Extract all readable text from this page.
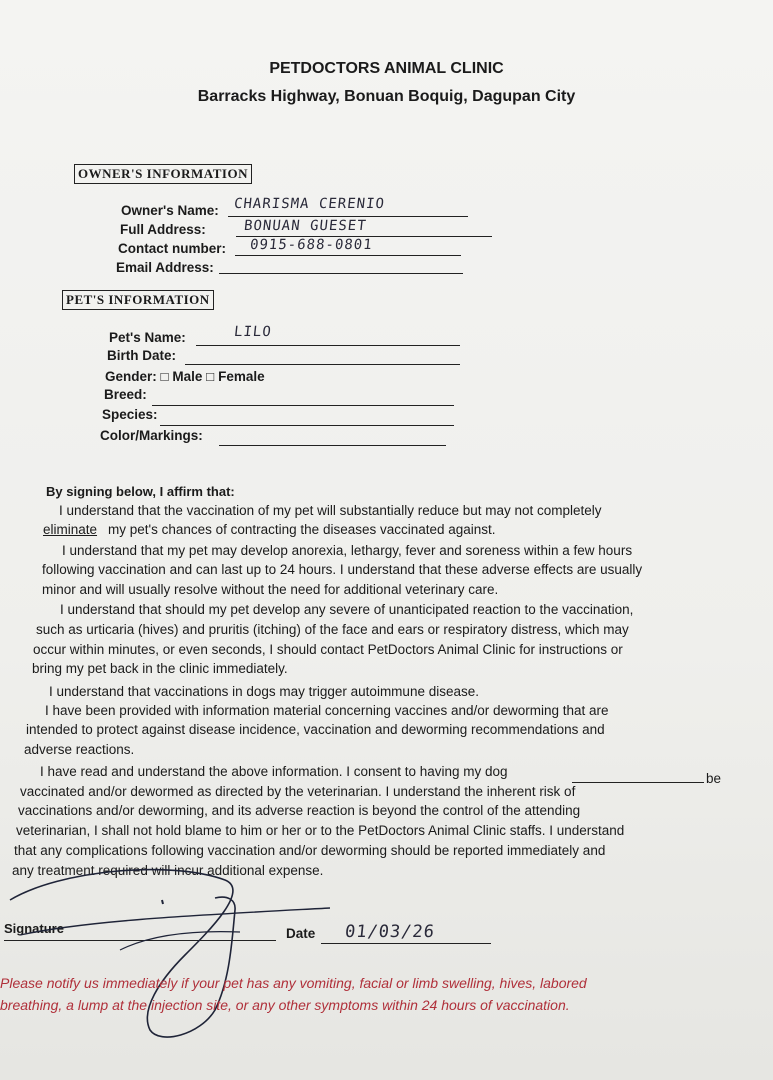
PETDOCTORS ANIMAL CLINIC
Barracks Highway, Bonuan Boquig, Dagupan City
OWNER'S INFORMATION
Owner's Name: CHARISMA CERENIO
Full Address:	BONUAN GUESET
Contact number: 0915-688-0801
Email Address:
PET'S INFORMATION
Pet's Name:	LILO
Birth Date:
Gender: □ Male □ Female
Breed:
Species:
Color/Markings:
By signing below, I affirm that:
I understand that the vaccination of my pet will substantially reduce but may not completely
eliminate my pet's chances of contracting the diseases vaccinated against.
I understand that my pet may develop anorexia, lethargy, fever and soreness within a few hours
following vaccination and can last up to 24 hours. I understand that these adverse effects are usually
minor and will usually resolve without the need for additional veterinary care.
I understand that should my pet develop any severe of unanticipated reaction to the vaccination,
such as urticaria (hives) and pruritis (itching) of the face and ears or respiratory distress, which may
occur within minutes, or even seconds, I should contact PetDoctors Animal Clinic for instructions or
bring my pet back in the clinic immediately.
I understand that vaccinations in dogs may trigger autoimmune disease.
I have been provided with information material concerning vaccines and/or deworming that are
intended to protect against disease incidence, vaccination and deworming recommendations and
adverse reactions.
I have read and understand the above information. I consent to having my dog	be
vaccinated and/or dewormed as directed by the veterinarian. I understand the inherent risk of
vaccinations and/or deworming, and its adverse reaction is beyond the control of the attending
veterinarian, I shall not hold blame to him or her or to the PetDoctors Animal Clinic staffs. I understand
that any complications following vaccination and/or deworming should be reported immediately and
any treatment required will incur additional expense.
Signature	Date 01/03/26
Please notify us immediately if your pet has any vomiting, facial or limb swelling, hives, labored
breathing, a lump at the injection site, or any other symptoms within 24 hours of vaccination.
